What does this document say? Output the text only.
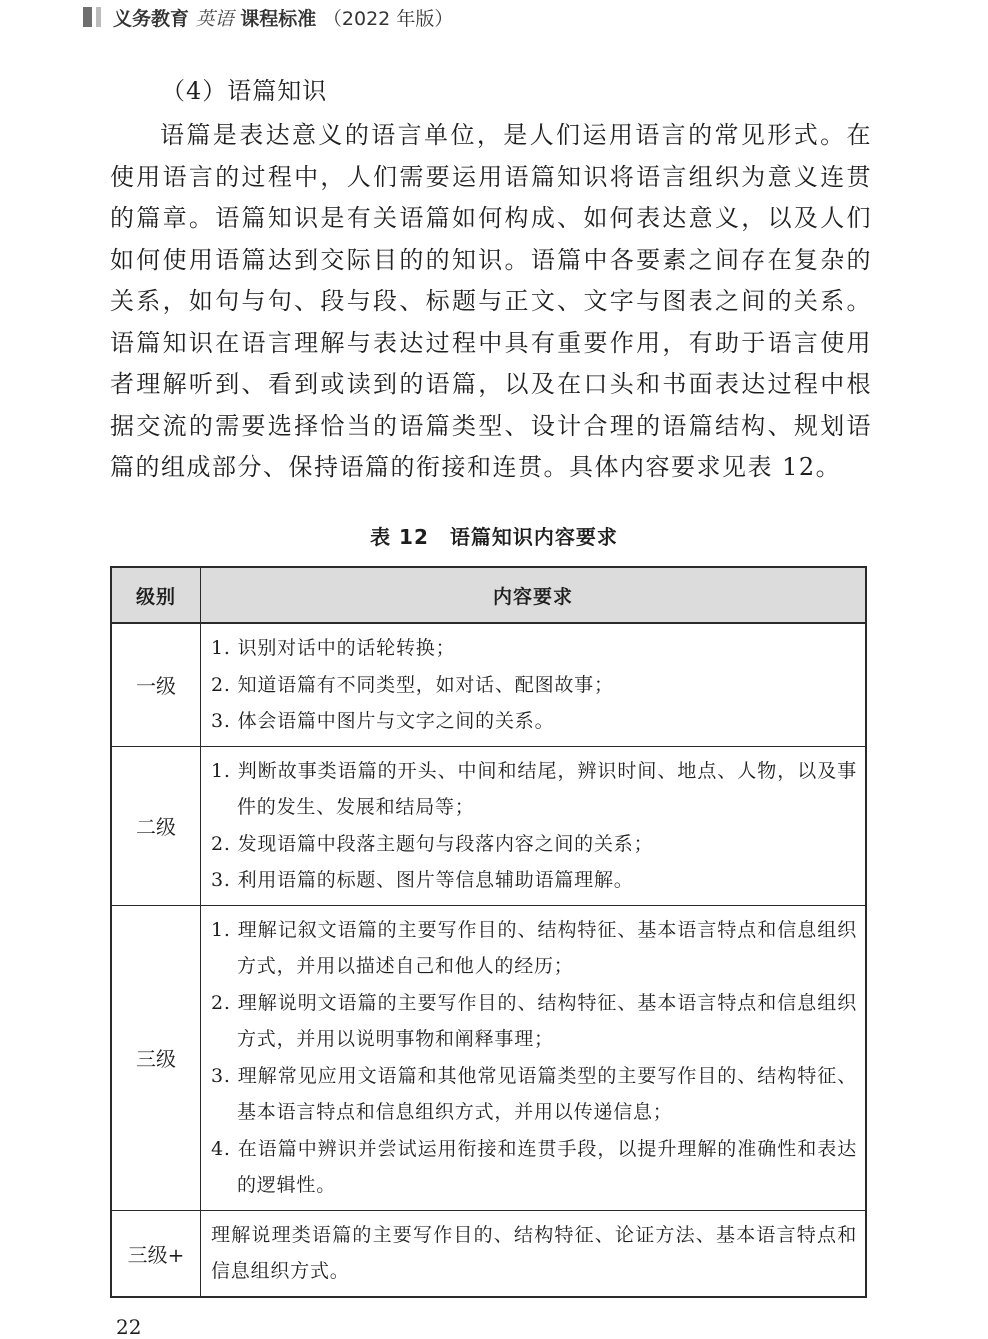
义务教育
英语
课程标准
（2022 年版）
（4）语篇知识

语篇是表达意义的语言单位，是人们运用语言的常见形式。在使用语言的过程中，人们需要运用语篇知识将语言组织为意义连贯的篇章。语篇知识是有关语篇如何构成、如何表达意义，以及人们如何使用语篇达到交际目的的知识。语篇中各要素之间存在复杂的关系，如句与句、段与段、标题与正文、文字与图表之间的关系。语篇知识在语言理解与表达过程中具有重要作用，有助于语言使用者理解听到、看到或读到的语篇，以及在口头和书面表达过程中根据交流的需要选择恰当的语篇类型、设计合理的语篇结构、规划语篇的组成部分、保持语篇的衔接和连贯。具体内容要求见表 12。

表 12　语篇知识内容要求
级别	内容要求
一级	1. 识别对话中的话轮转换；
2. 知道语篇有不同类型，如对话、配图故事；
3. 体会语篇中图片与文字之间的关系。

二级	1. 判断故事类语篇的开头、中间和结尾，辨识时间、地点、人物，以及事件的发生、发展和结局等；
2. 发现语篇中段落主题句与段落内容之间的关系；
3. 利用语篇的标题、图片等信息辅助语篇理解。

三级	1. 理解记叙文语篇的主要写作目的、结构特征、基本语言特点和信息组织方式，并用以描述自己和他人的经历；
2. 理解说明文语篇的主要写作目的、结构特征、基本语言特点和信息组织方式，并用以说明事物和阐释事理；
3. 理解常见应用文语篇和其他常见语篇类型的主要写作目的、结构特征、基本语言特点和信息组织方式，并用以传递信息；
4. 在语篇中辨识并尝试运用衔接和连贯手段，以提升理解的准确性和表达的逻辑性。

三级+	理解说理类语篇的主要写作目的、结构特征、论证方法、基本语言特点和信息组织方式。
22
